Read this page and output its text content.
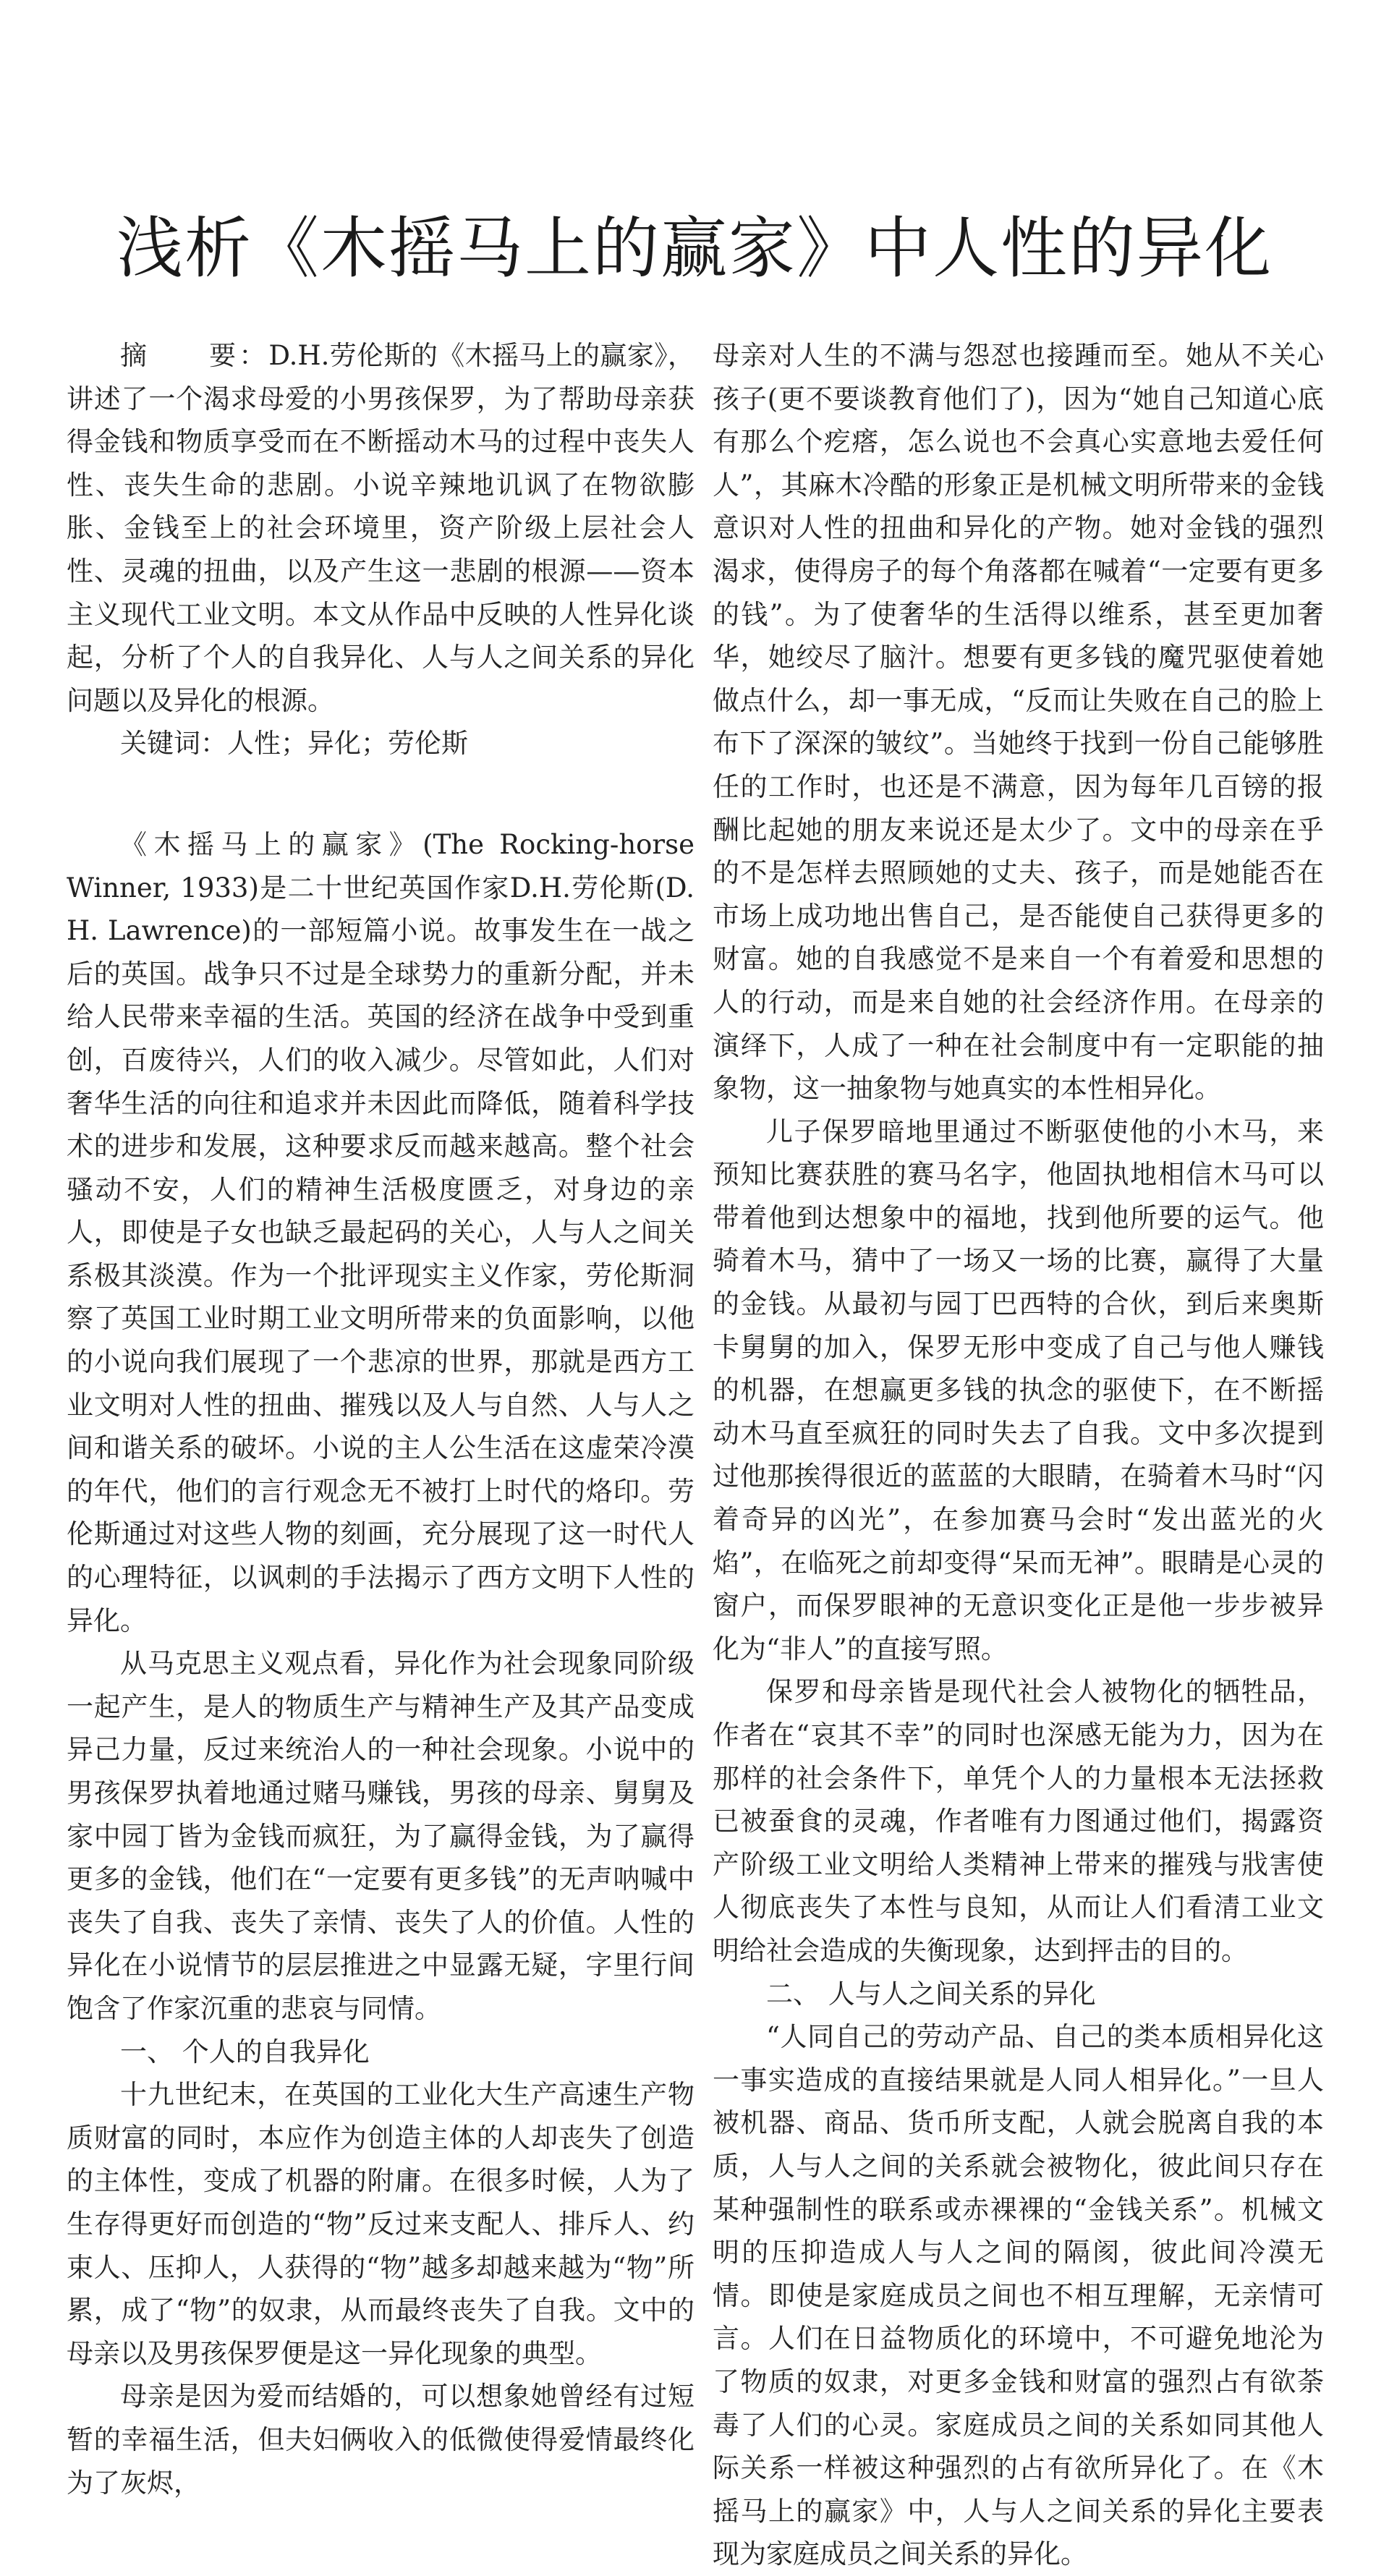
浅析《木摇马上的赢家》中人性的异化

摘　　要：D.H.劳伦斯的《木摇马上的赢家》，讲述了一个渴求母爱的小男孩保罗，为了帮助母亲获得金钱和物质享受而在不断摇动木马的过程中丧失人性、丧失生命的悲剧。小说辛辣地讥讽了在物欲膨胀、金钱至上的社会环境里，资产阶级上层社会人性、灵魂的扭曲，以及产生这一悲剧的根源——资本主义现代工业文明。本文从作品中反映的人性异化谈起，分析了个人的自我异化、人与人之间关系的异化问题以及异化的根源。

关键词：人性；异化；劳伦斯

《木摇马上的赢家》(The Rocking-horse Winner, 1933)是二十世纪英国作家D.H.劳伦斯(D. H. Lawrence)的一部短篇小说。故事发生在一战之后的英国。战争只不过是全球势力的重新分配，并未给人民带来幸福的生活。英国的经济在战争中受到重创，百废待兴，人们的收入减少。尽管如此，人们对奢华生活的向往和追求并未因此而降低，随着科学技术的进步和发展，这种要求反而越来越高。整个社会骚动不安，人们的精神生活极度匮乏，对身边的亲人，即使是子女也缺乏最起码的关心，人与人之间关系极其淡漠。作为一个批评现实主义作家，劳伦斯洞察了英国工业时期工业文明所带来的负面影响，以他的小说向我们展现了一个悲凉的世界，那就是西方工业文明对人性的扭曲、摧残以及人与自然、人与人之间和谐关系的破坏。小说的主人公生活在这虚荣冷漠的年代，他们的言行观念无不被打上时代的烙印。劳伦斯通过对这些人物的刻画，充分展现了这一时代人的心理特征，以讽刺的手法揭示了西方文明下人性的异化。

从马克思主义观点看，异化作为社会现象同阶级一起产生，是人的物质生产与精神生产及其产品变成异己力量，反过来统治人的一种社会现象。小说中的男孩保罗执着地通过赌马赚钱，男孩的母亲、舅舅及家中园丁皆为金钱而疯狂，为了赢得金钱，为了赢得更多的金钱，他们在“一定要有更多钱”的无声呐喊中丧失了自我、丧失了亲情、丧失了人的价值。人性的异化在小说情节的层层推进之中显露无疑，字里行间饱含了作家沉重的悲哀与同情。

一、 个人的自我异化

十九世纪末，在英国的工业化大生产高速生产物质财富的同时，本应作为创造主体的人却丧失了创造的主体性，变成了机器的附庸。在很多时候，人为了生存得更好而创造的“物”反过来支配人、排斥人、约束人、压抑人，人获得的“物”越多却越来越为“物”所累，成了“物”的奴隶，从而最终丧失了自我。文中的母亲以及男孩保罗便是这一异化现象的典型。

母亲是因为爱而结婚的，可以想象她曾经有过短暂的幸福生活，但夫妇俩收入的低微使得爱情最终化为了灰烬，

母亲对人生的不满与怨怼也接踵而至。她从不关心孩子(更不要谈教育他们了)，因为“她自己知道心底有那么个疙瘩，怎么说也不会真心实意地去爱任何人”，其麻木冷酷的形象正是机械文明所带来的金钱意识对人性的扭曲和异化的产物。她对金钱的强烈渴求，使得房子的每个角落都在喊着“一定要有更多的钱”。为了使奢华的生活得以维系，甚至更加奢华，她绞尽了脑汁。想要有更多钱的魔咒驱使着她做点什么，却一事无成，“反而让失败在自己的脸上布下了深深的皱纹”。当她终于找到一份自己能够胜任的工作时，也还是不满意，因为每年几百镑的报酬比起她的朋友来说还是太少了。文中的母亲在乎的不是怎样去照顾她的丈夫、孩子，而是她能否在市场上成功地出售自己，是否能使自己获得更多的财富。她的自我感觉不是来自一个有着爱和思想的人的行动，而是来自她的社会经济作用。在母亲的演绎下，人成了一种在社会制度中有一定职能的抽象物，这一抽象物与她真实的本性相异化。

儿子保罗暗地里通过不断驱使他的小木马，来预知比赛获胜的赛马名字，他固执地相信木马可以带着他到达想象中的福地，找到他所要的运气。他骑着木马，猜中了一场又一场的比赛，赢得了大量的金钱。从最初与园丁巴西特的合伙，到后来奥斯卡舅舅的加入，保罗无形中变成了自己与他人赚钱的机器，在想赢更多钱的执念的驱使下，在不断摇动木马直至疯狂的同时失去了自我。文中多次提到过他那挨得很近的蓝蓝的大眼睛，在骑着木马时“闪着奇异的凶光”，在参加赛马会时“发出蓝光的火焰”，在临死之前却变得“呆而无神”。眼睛是心灵的窗户，而保罗眼神的无意识变化正是他一步步被异化为“非人”的直接写照。

保罗和母亲皆是现代社会人被物化的牺牲品，作者在“哀其不幸”的同时也深感无能为力，因为在那样的社会条件下，单凭个人的力量根本无法拯救已被蚕食的灵魂，作者唯有力图通过他们，揭露资产阶级工业文明给人类精神上带来的摧残与戕害使人彻底丧失了本性与良知，从而让人们看清工业文明给社会造成的失衡现象，达到抨击的目的。

二、 人与人之间关系的异化

“人同自己的劳动产品、自己的类本质相异化这一事实造成的直接结果就是人同人相异化。”一旦人被机器、商品、货币所支配，人就会脱离自我的本质，人与人之间的关系就会被物化，彼此间只存在某种强制性的联系或赤裸裸的“金钱关系”。机械文明的压抑造成人与人之间的隔阂，彼此间冷漠无情。即使是家庭成员之间也不相互理解，无亲情可言。人们在日益物质化的环境中，不可避免地沦为了物质的奴隶，对更多金钱和财富的强烈占有欲荼毒了人们的心灵。家庭成员之间的关系如同其他人际关系一样被这种强烈的占有欲所异化了。在《木摇马上的赢家》中，人与人之间关系的异化主要表现为家庭成员之间关系的异化。
